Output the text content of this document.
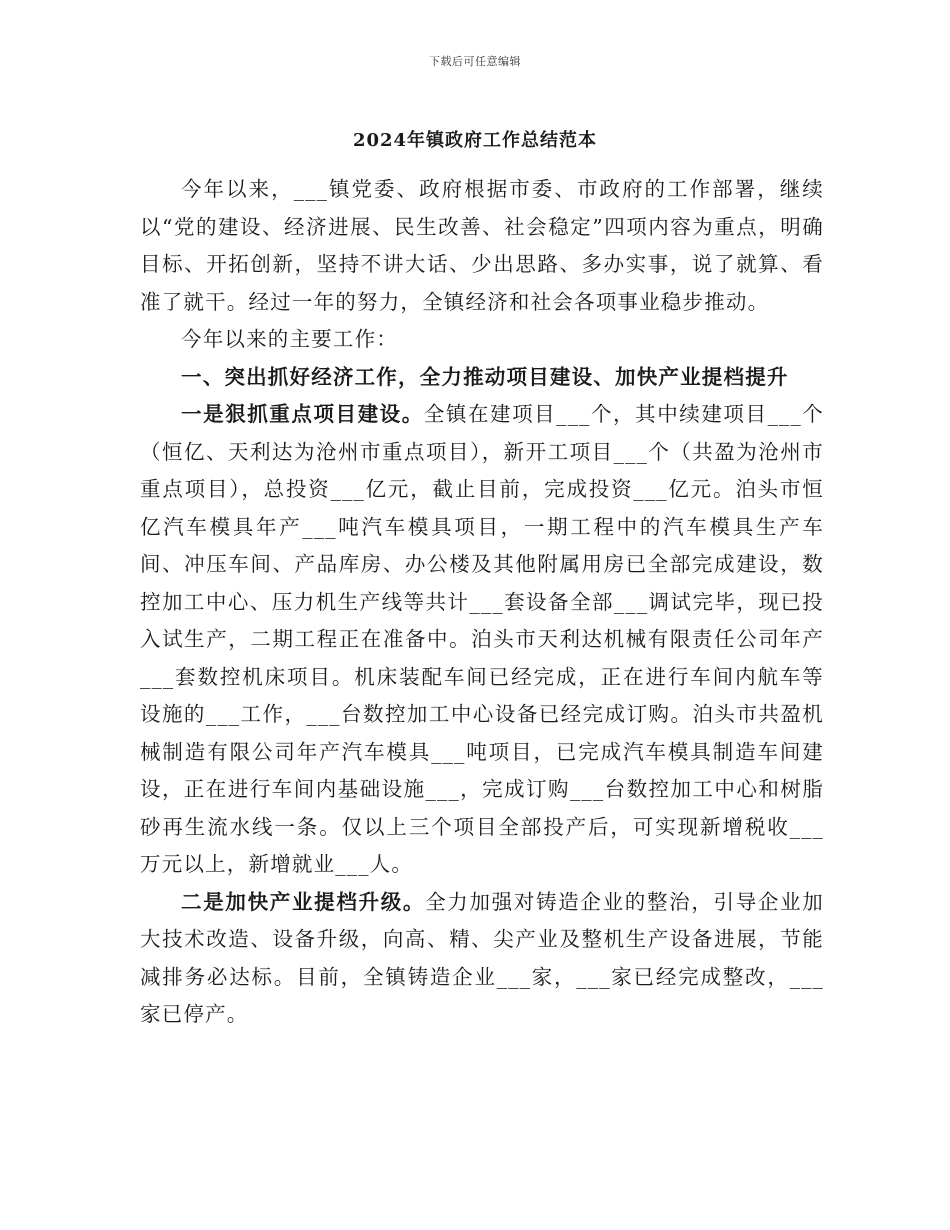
下载后可任意编辑
2024年镇政府工作总结范本

今年以来，___镇党委、政府根据市委、市政府的工作部署，继续以“党的建设、经济进展、民生改善、社会稳定”四项内容为重点，明确目标、开拓创新，坚持不讲大话、少出思路、多办实事，说了就算、看准了就干。经过一年的努力，全镇经济和社会各项事业稳步推动。

今年以来的主要工作：

一、突出抓好经济工作，全力推动项目建设、加快产业提档提升

一是狠抓重点项目建设。全镇在建项目___个，其中续建项目___个（恒亿、天利达为沧州市重点项目），新开工项目___个（共盈为沧州市重点项目），总投资___亿元，截止目前，完成投资___亿元。泊头市恒亿汽车模具年产___吨汽车模具项目，一期工程中的汽车模具生产车间、冲压车间、产品库房、办公楼及其他附属用房已全部完成建设，数控加工中心、压力机生产线等共计___套设备全部___调试完毕，现已投入试生产，二期工程正在准备中。泊头市天利达机械有限责任公司年产___套数控机床项目。机床装配车间已经完成，正在进行车间内航车等设施的___工作，___台数控加工中心设备已经完成订购。泊头市共盈机械制造有限公司年产汽车模具___吨项目，已完成汽车模具制造车间建设，正在进行车间内基础设施___，完成订购___台数控加工中心和树脂砂再生流水线一条。仅以上三个项目全部投产后，可实现新增税收___万元以上，新增就业___人。

二是加快产业提档升级。全力加强对铸造企业的整治，引导企业加大技术改造、设备升级，向高、精、尖产业及整机生产设备进展，节能减排务必达标。目前，全镇铸造企业___家，___家已经完成整改，___家已停产。
